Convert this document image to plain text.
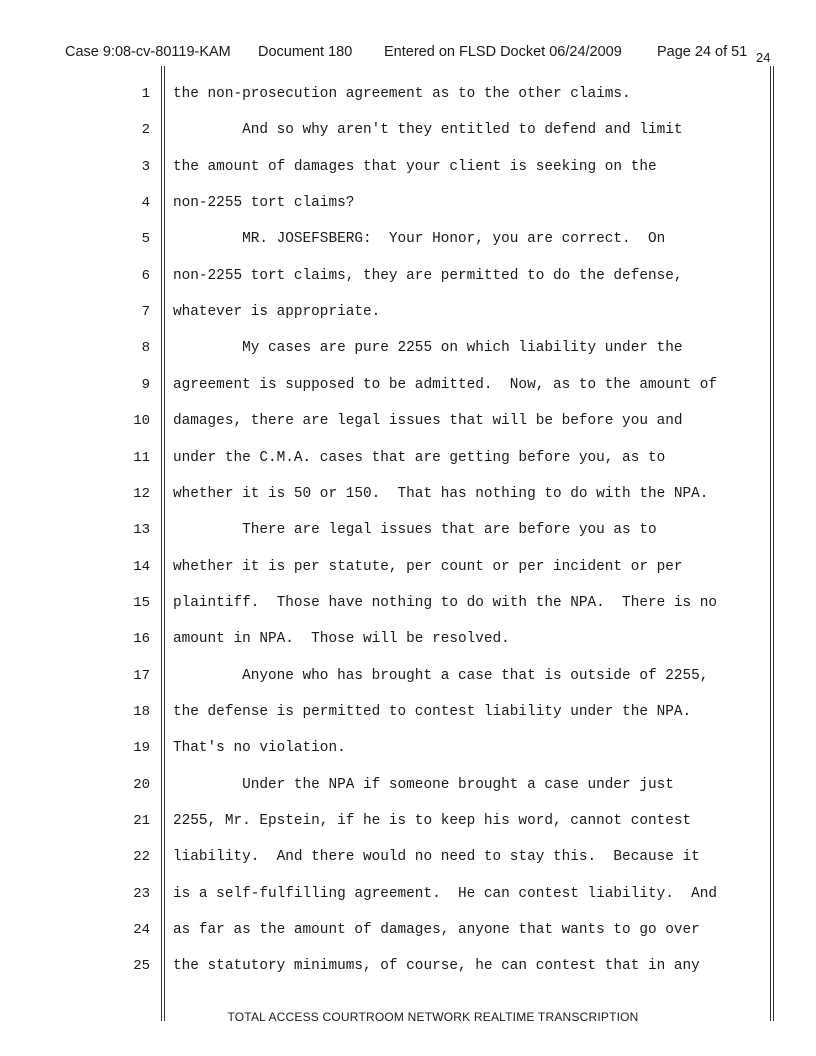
Case 9:08-cv-80119-KAM Document 180 Entered on FLSD Docket 06/24/2009 Page 24 of 51 24
1 the non-prosecution agreement as to the other claims.
2 And so why aren't they entitled to defend and limit
3 the amount of damages that your client is seeking on the
4 non-2255 tort claims?
5 MR. JOSEFSBERG:  Your Honor, you are correct.  On
6 non-2255 tort claims, they are permitted to do the defense,
7 whatever is appropriate.
8 My cases are pure 2255 on which liability under the
9 agreement is supposed to be admitted.  Now, as to the amount of
10 damages, there are legal issues that will be before you and
11 under the C.M.A. cases that are getting before you, as to
12 whether it is 50 or 150.  That has nothing to do with the NPA.
13 There are legal issues that are before you as to
14 whether it is per statute, per count or per incident or per
15 plaintiff.  Those have nothing to do with the NPA.  There is no
16 amount in NPA.  Those will be resolved.
17 Anyone who has brought a case that is outside of 2255,
18 the defense is permitted to contest liability under the NPA.
19 That's no violation.
20 Under the NPA if someone brought a case under just
21 2255, Mr. Epstein, if he is to keep his word, cannot contest
22 liability.  And there would no need to stay this.  Because it
23 is a self-fulfilling agreement.  He can contest liability.  And
24 as far as the amount of damages, anyone that wants to go over
25 the statutory minimums, of course, he can contest that in any
TOTAL ACCESS COURTROOM NETWORK REALTIME TRANSCRIPTION
